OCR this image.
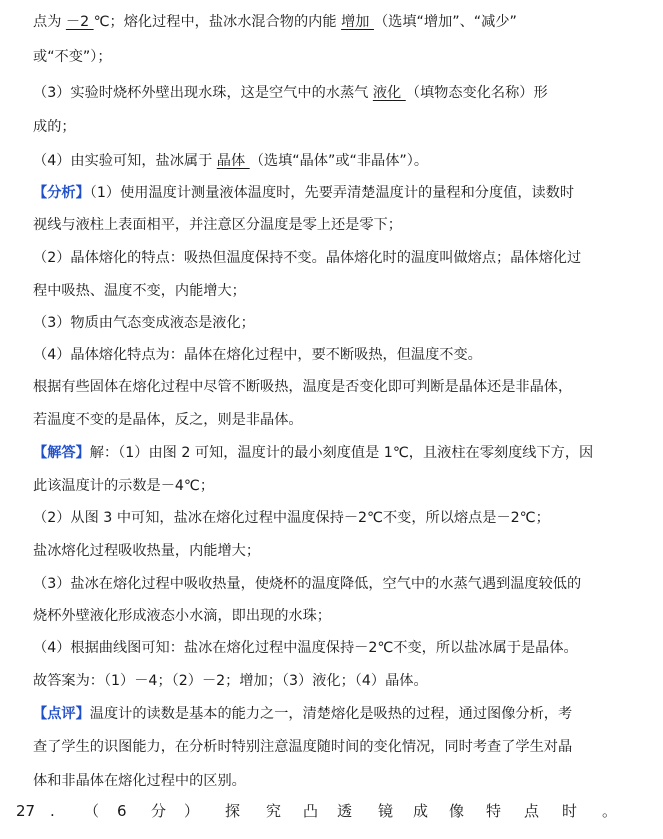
点为 －2 ℃；熔化过程中，盐冰水混合物的内能 增加 （选填“增加”、“减少”
或“不变”）；
（3）实验时烧杯外壁出现水珠，这是空气中的水蒸气 液化 （填物态变化名称）形
成的；
（4）由实验可知，盐冰属于 晶体 （选填“晶体”或“非晶体”）。
【分析】（1）使用温度计测量液体温度时，先要弄清楚温度计的量程和分度值，读数时
视线与液柱上表面相平，并注意区分温度是零上还是零下；
（2）晶体熔化的特点：吸热但温度保持不变。晶体熔化时的温度叫做熔点；晶体熔化过
程中吸热、温度不变，内能增大；
（3）物质由气态变成液态是液化；
（4）晶体熔化特点为：晶体在熔化过程中，要不断吸热，但温度不变。
根据有些固体在熔化过程中尽管不断吸热，温度是否变化即可判断是晶体还是非晶体，
若温度不变的是晶体，反之，则是非晶体。
【解答】解：（1）由图 2 可知，温度计的最小刻度值是 1℃，且液柱在零刻度线下方，因
此该温度计的示数是－4℃；
（2）从图 3 中可知，盐冰在熔化过程中温度保持－2℃不变，所以熔点是－2℃；
盐冰熔化过程吸收热量，内能增大；
（3）盐冰在熔化过程中吸收热量，使烧杯的温度降低，空气中的水蒸气遇到温度较低的
烧杯外壁液化形成液态小水滴，即出现的水珠；
（4）根据曲线图可知：盐冰在熔化过程中温度保持－2℃不变，所以盐冰属于是晶体。
故答案为：（1）－4；（2）－2；增加；（3）液化；（4）晶体。
【点评】温度计的读数是基本的能力之一，清楚熔化是吸热的过程，通过图像分析，考
查了学生的识图能力，在分析时特别注意温度随时间的变化情况，同时考查了学生对晶
体和非晶体在熔化过程中的区别。
27 . （ 6 分 ） 探 究 凸 透 镜 成 像 特 点 时 。
